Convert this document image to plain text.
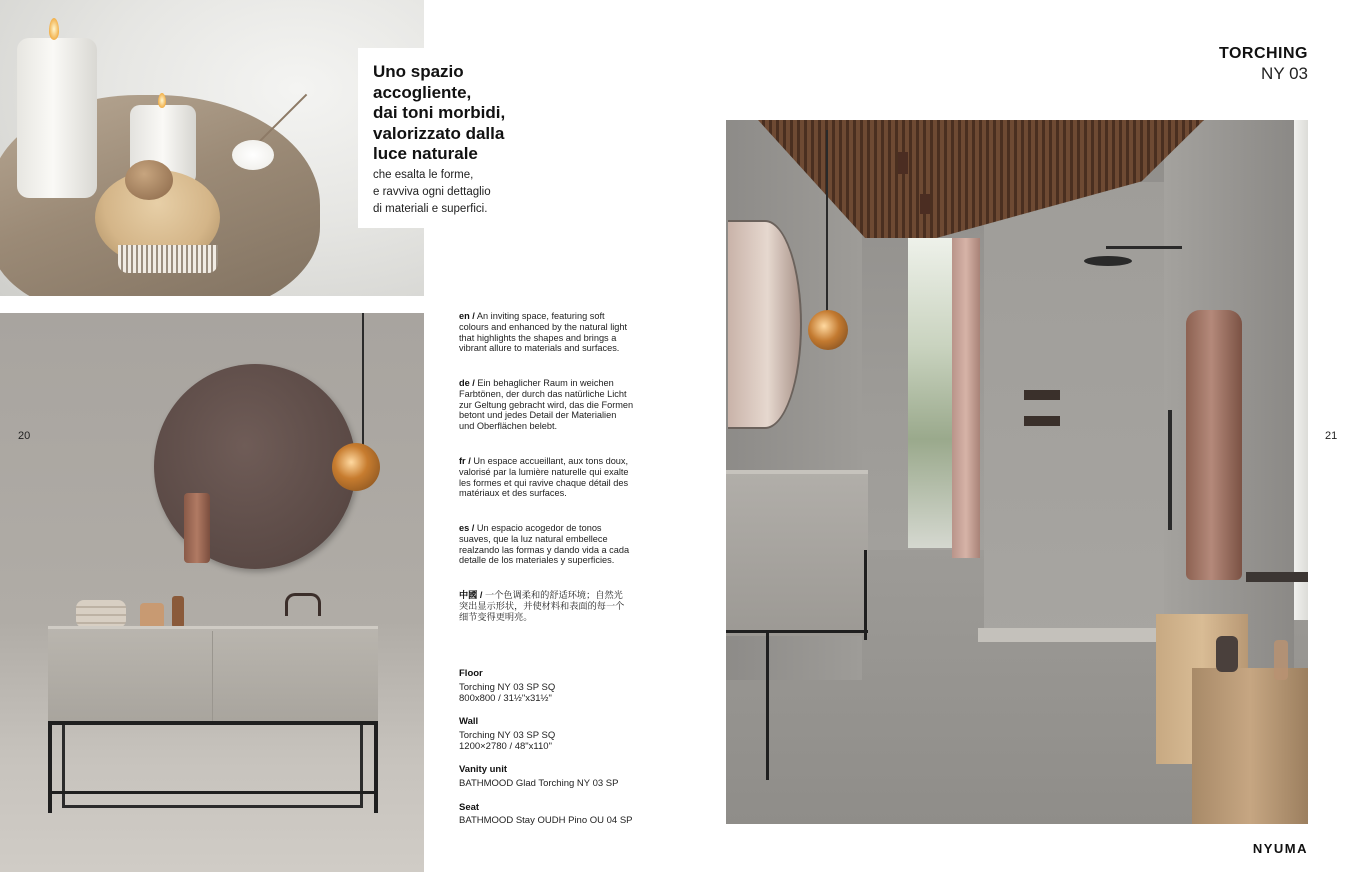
Uno spazio
accogliente,
dai toni morbidi,
valorizzato dalla
luce naturale
che esalta le forme,
e ravviva ogni dettaglio
di materiali e superfici.
20	21
en / An inviting space, featuring soft colours and enhanced by the natural light that highlights the shapes and brings a vibrant allure to materials and surfaces.
de / Ein behaglicher Raum in weichen Farbtönen, der durch das natürliche Licht zur Geltung gebracht wird, das die Formen betont und jedes Detail der Materialien und Oberflächen belebt.
fr / Un espace accueillant, aux tons doux, valorisé par la lumière naturelle qui exalte les formes et qui ravive chaque détail des matériaux et des surfaces.
es / Un espacio acogedor de tonos suaves, que la luz natural embellece realzando las formas y dando vida a cada detalle de los materiales y superficies.
中國 / 一个色调柔和的舒适环境；自然光突出显示形状，并使材料和表面的每一个细节变得更明亮。
Floor
Torching NY 03 SP SQ
800x800 / 31½"x31½"
Wall
Torching NY 03 SP SQ
1200×2780 / 48"x110"
Vanity unit
BATHMOOD Glad Torching NY 03 SP
Seat
BATHMOOD Stay OUDH Pino OU 04 SP
TORCHING
NY 03
NYUMA
